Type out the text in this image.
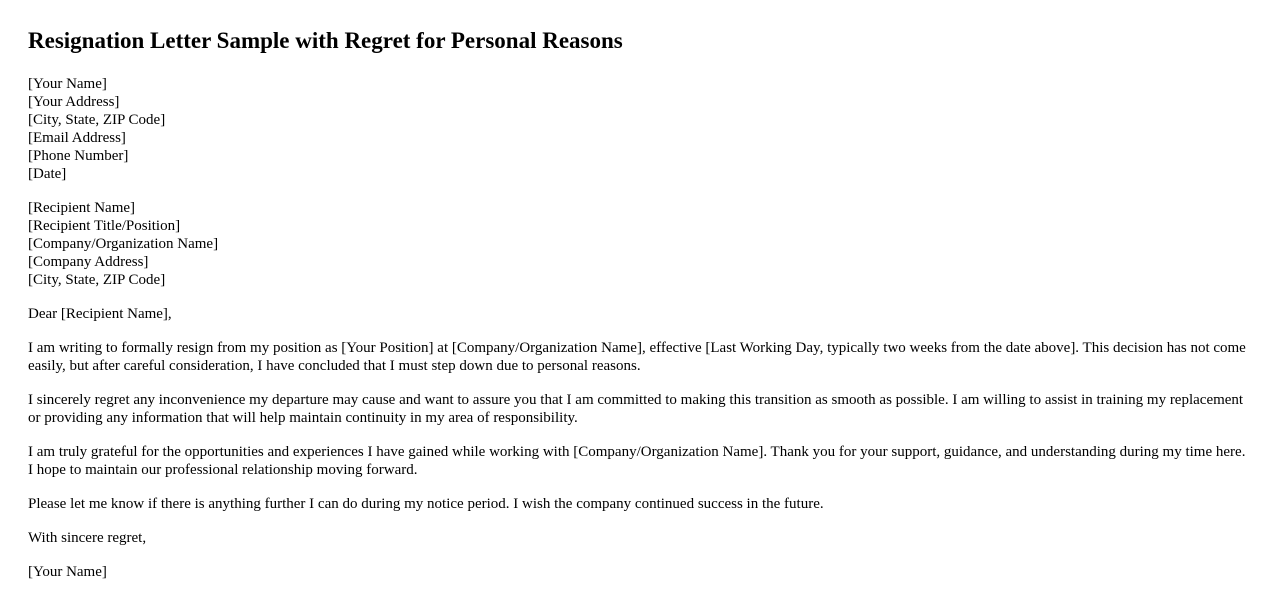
Resignation Letter Sample with Regret for Personal Reasons
[Your Name]
[Your Address]
[City, State, ZIP Code]
[Email Address]
[Phone Number]
[Date]
[Recipient Name]
[Recipient Title/Position]
[Company/Organization Name]
[Company Address]
[City, State, ZIP Code]

Dear [Recipient Name],

I am writing to formally resign from my position as [Your Position] at [Company/Organization Name], effective [Last Working Day, typically two weeks from the date above]. This decision has not come easily, but after careful consideration, I have concluded that I must step down due to personal reasons.

I sincerely regret any inconvenience my departure may cause and want to assure you that I am committed to making this transition as smooth as possible. I am willing to assist in training my replacement or providing any information that will help maintain continuity in my area of responsibility.

I am truly grateful for the opportunities and experiences I have gained while working with [Company/Organization Name]. Thank you for your support, guidance, and understanding during my time here. I hope to maintain our professional relationship moving forward.

Please let me know if there is anything further I can do during my notice period. I wish the company continued success in the future.

With sincere regret,

[Your Name]
